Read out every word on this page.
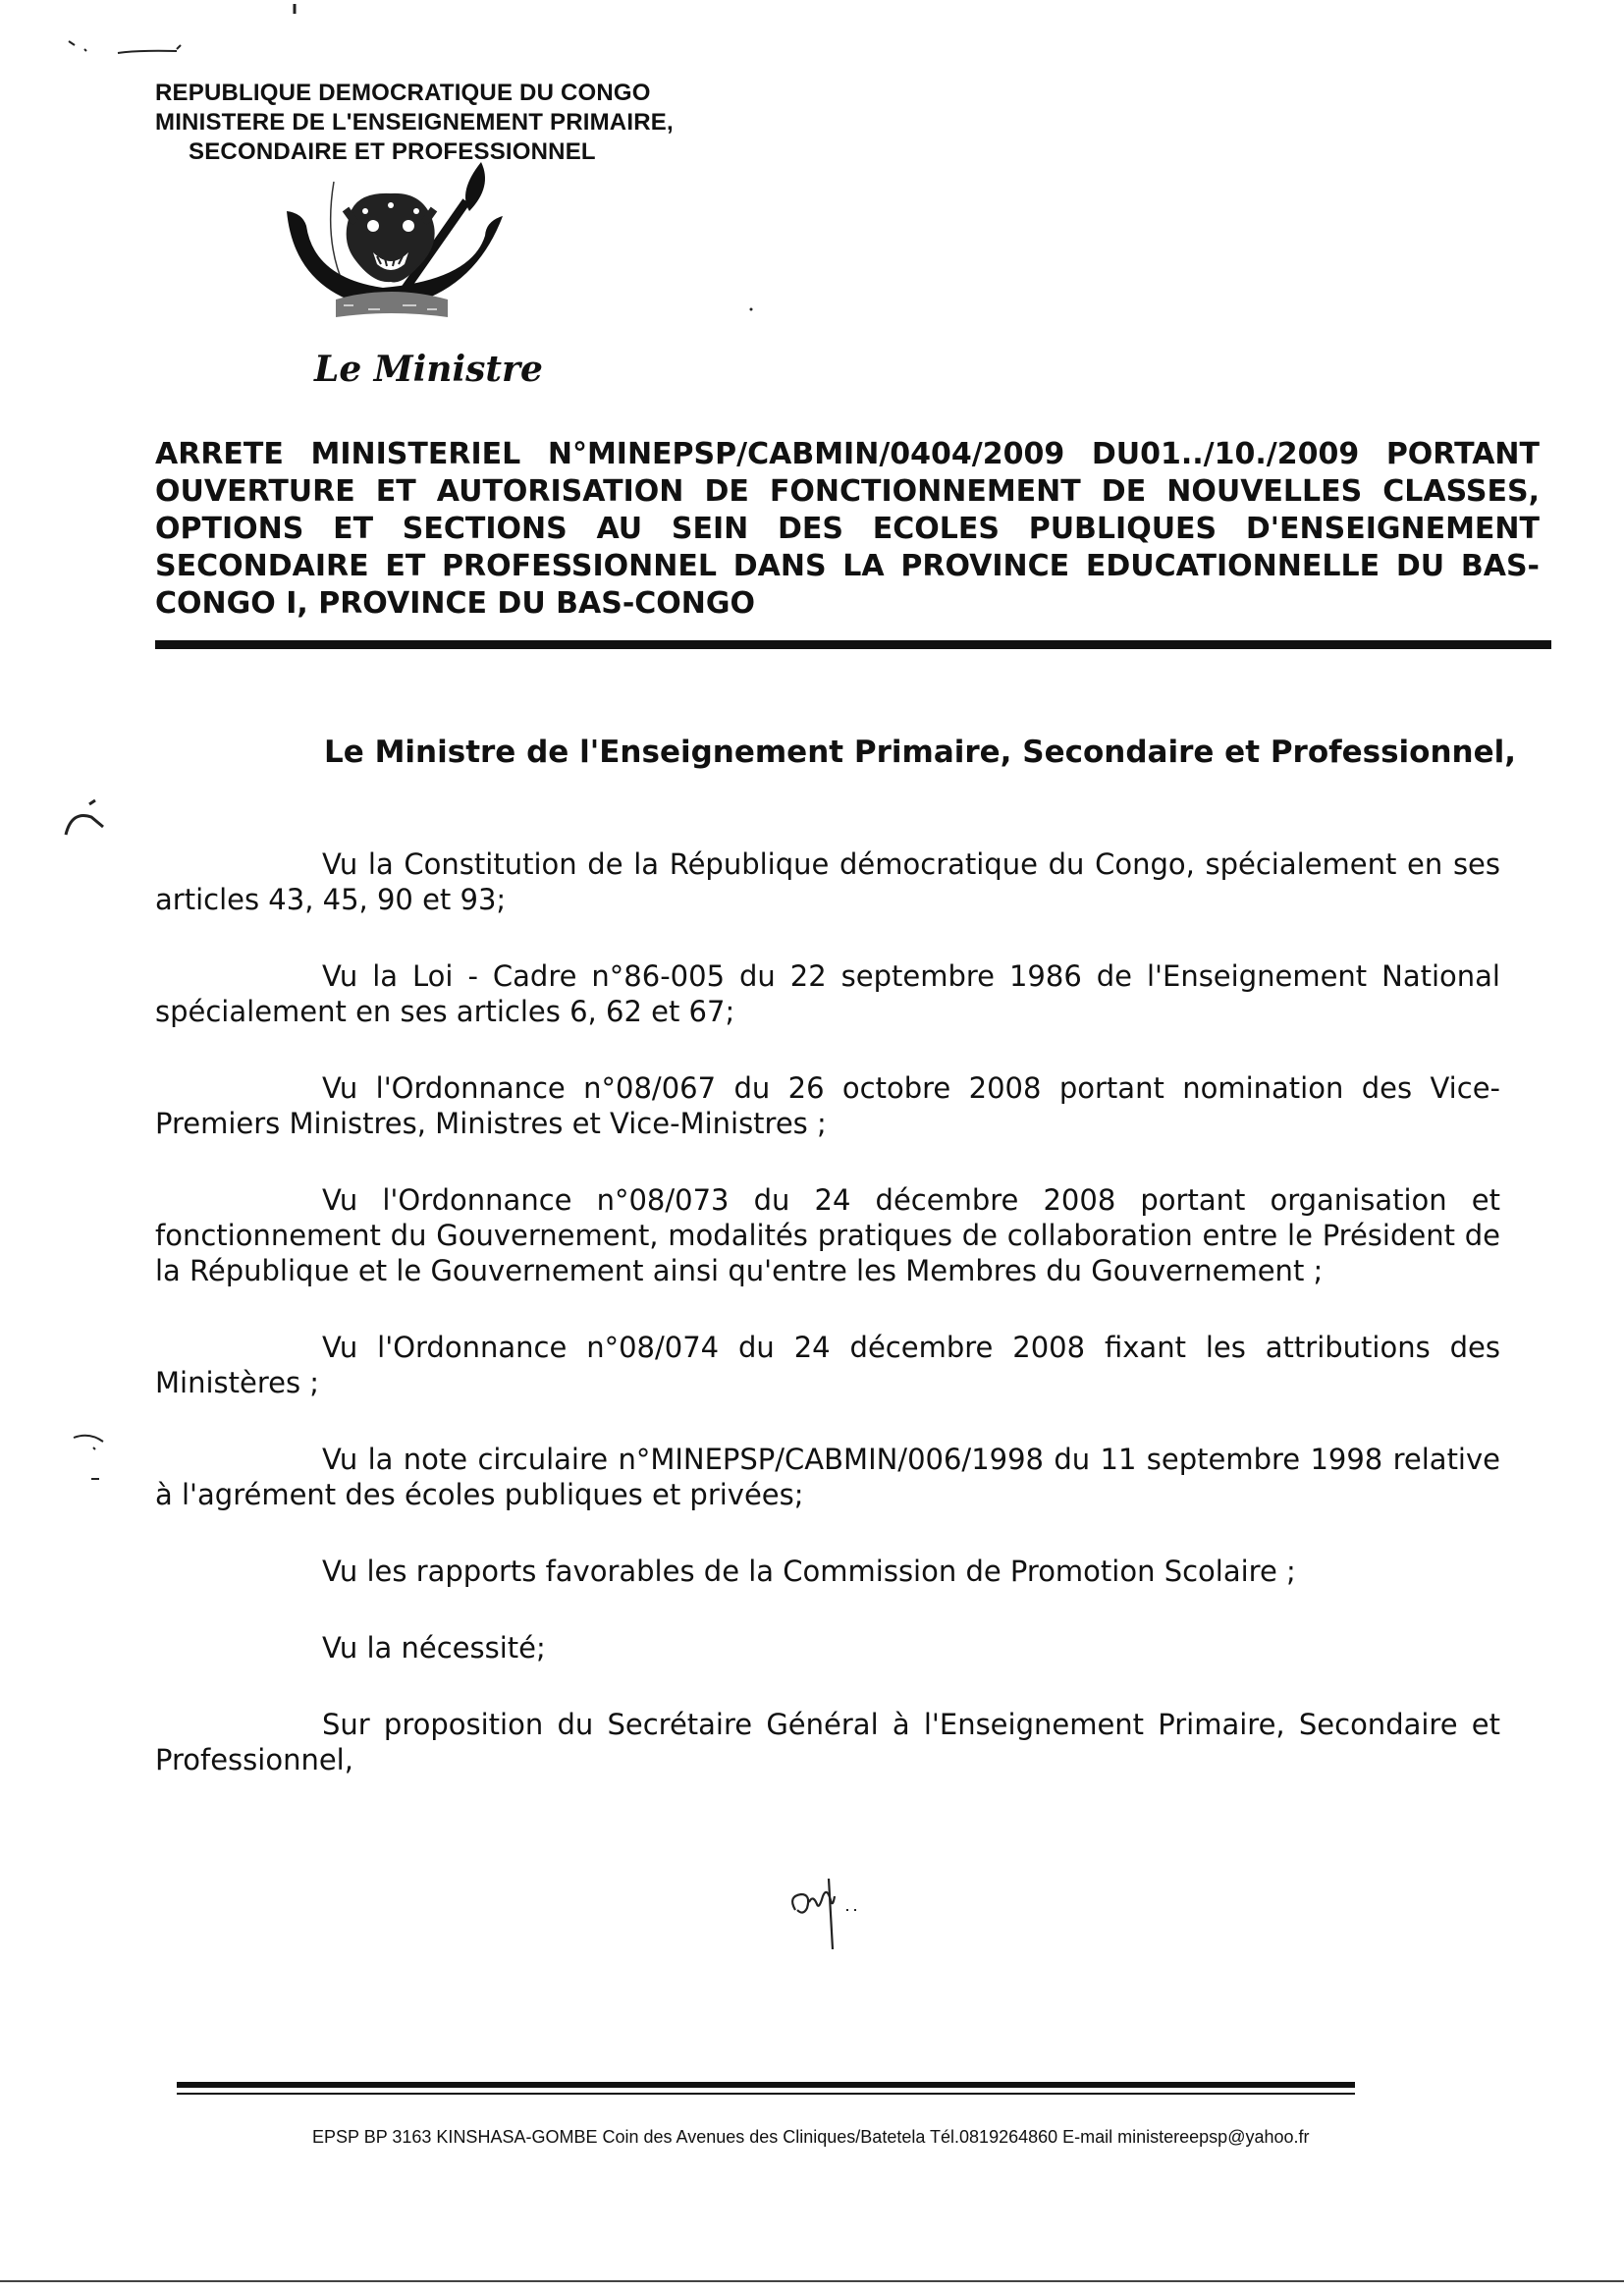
REPUBLIQUE DEMOCRATIQUE DU CONGO
MINISTERE DE L'ENSEIGNEMENT PRIMAIRE,
SECONDAIRE ET PROFESSIONNEL
Le Ministre
ARRETE MINISTERIEL N°MINEPSP/CABMIN/0404/2009 DU01../10./2009 PORTANT OUVERTURE ET AUTORISATION DE FONCTIONNEMENT DE NOUVELLES CLASSES, OPTIONS ET SECTIONS AU SEIN DES ECOLES PUBLIQUES D'ENSEIGNEMENT SECONDAIRE ET PROFESSIONNEL DANS LA PROVINCE EDUCATIONNELLE DU BAS-CONGO I, PROVINCE DU BAS-CONGO
Le Ministre de l'Enseignement Primaire, Secondaire et Professionnel,

Vu la Constitution de la République démocratique du Congo, spécialement en ses articles 43, 45, 90 et 93;

Vu la Loi - Cadre n°86-005 du 22 septembre 1986 de l'Enseignement National spécialement en ses articles 6, 62 et 67;

Vu l'Ordonnance n°08/067 du 26 octobre 2008 portant nomination des Vice-Premiers Ministres, Ministres et Vice-Ministres ;

Vu l'Ordonnance n°08/073 du 24 décembre 2008 portant organisation et fonctionnement du Gouvernement, modalités pratiques de collaboration entre le Président de la République et le Gouvernement ainsi qu'entre les Membres du Gouvernement ;

Vu l'Ordonnance n°08/074 du 24 décembre 2008 fixant les attributions des Ministères ;

Vu la note circulaire n°MINEPSP/CABMIN/006/1998 du 11 septembre 1998 relative à l'agrément des écoles publiques et privées;

Vu les rapports favorables de la Commission de Promotion Scolaire ;

Vu la nécessité;

Sur proposition du Secrétaire Général à l'Enseignement Primaire, Secondaire et Professionnel,

EPSP BP 3163 KINSHASA-GOMBE Coin des Avenues des Cliniques/Batetela Tél.0819264860 E-mail ministereepsp@yahoo.fr
